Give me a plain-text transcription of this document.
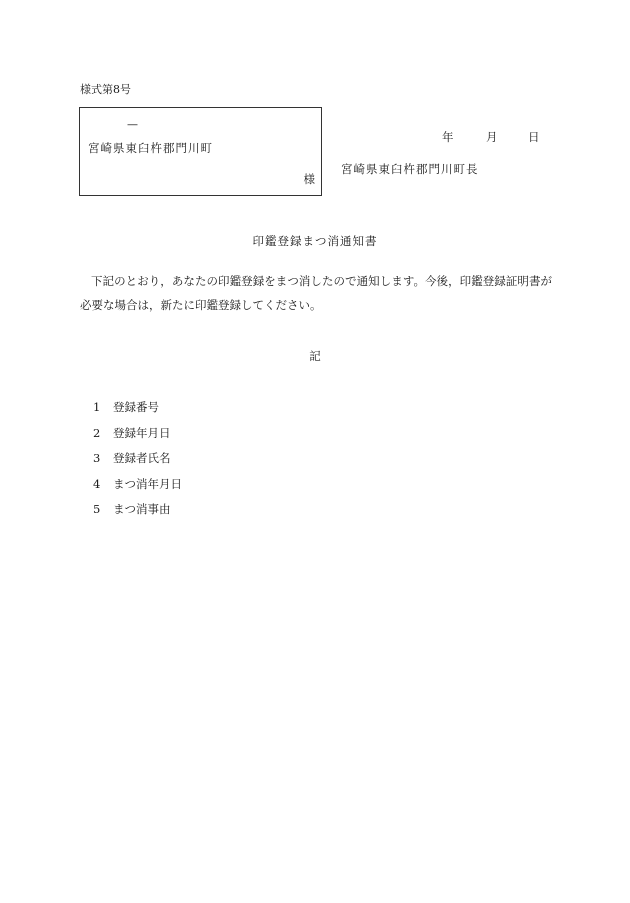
様式第8号
—
宮崎県東臼杵郡門川町
様
年	月	日
宮崎県東臼杵郡門川町長
印鑑登録まつ消通知書
下記のとおり，あなたの印鑑登録をまつ消したので通知します。今後，印鑑登録証明書が必要な場合は，新たに印鑑登録してください。
記
1 登録番号
2 登録年月日
3 登録者氏名
4 まつ消年月日
5 まつ消事由
